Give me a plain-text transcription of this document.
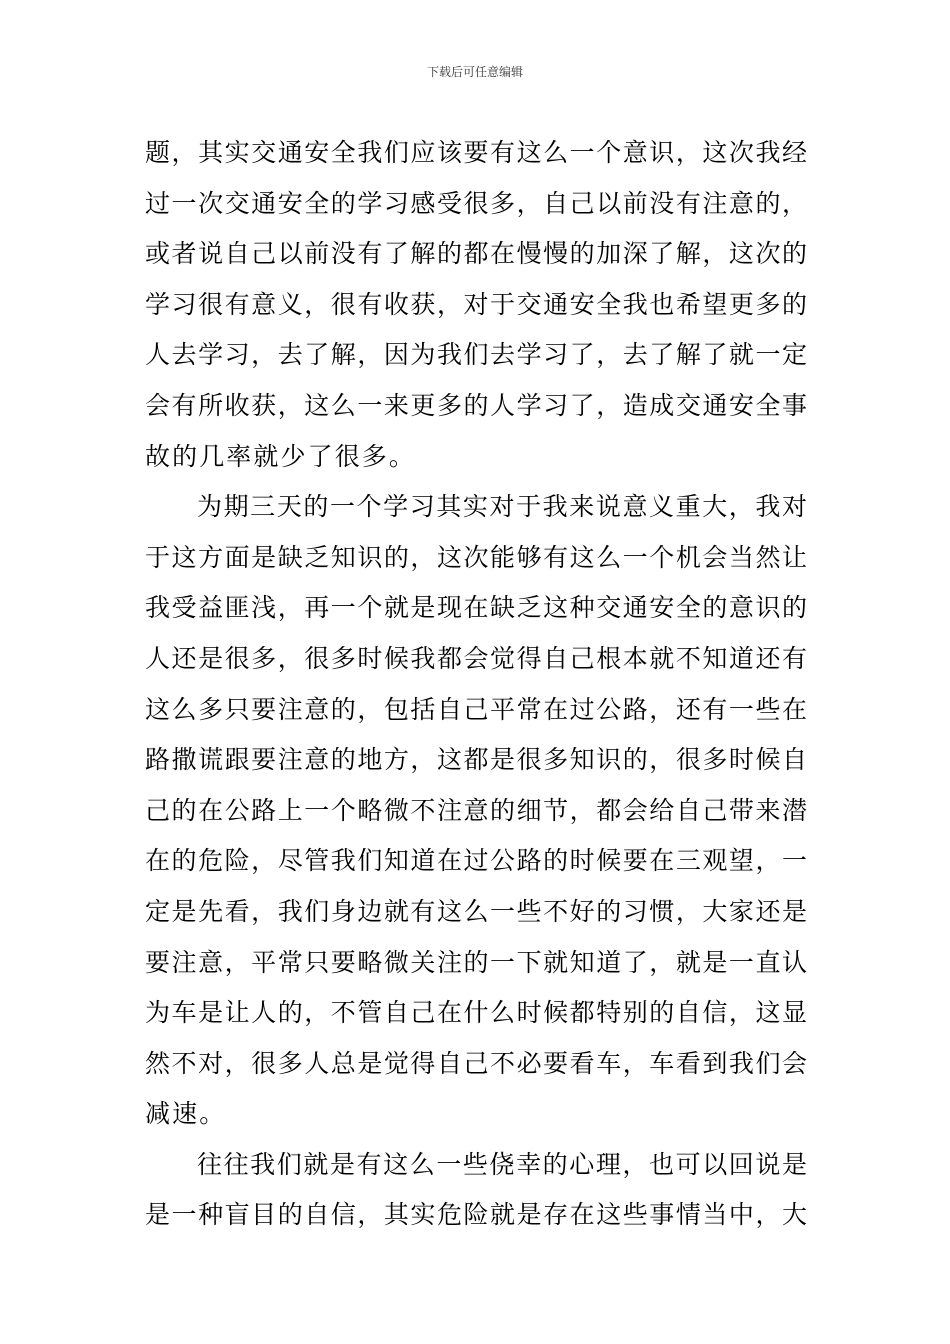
下载后可任意编辑
题，其实交通安全我们应该要有这么一个意识，这次我经
过一次交通安全的学习感受很多，自己以前没有注意的，
或者说自己以前没有了解的都在慢慢的加深了解，这次的
学习很有意义，很有收获，对于交通安全我也希望更多的
人去学习，去了解，因为我们去学习了，去了解了就一定
会有所收获，这么一来更多的人学习了，造成交通安全事
故的几率就少了很多。
为期三天的一个学习其实对于我来说意义重大，我对
于这方面是缺乏知识的，这次能够有这么一个机会当然让
我受益匪浅，再一个就是现在缺乏这种交通安全的意识的
人还是很多，很多时候我都会觉得自己根本就不知道还有
这么多只要注意的，包括自己平常在过公路，还有一些在
路撒谎跟要注意的地方，这都是很多知识的，很多时候自
己的在公路上一个略微不注意的细节，都会给自己带来潜
在的危险，尽管我们知道在过公路的时候要在三观望，一
定是先看，我们身边就有这么一些不好的习惯，大家还是
要注意，平常只要略微关注的一下就知道了，就是一直认
为车是让人的，不管自己在什么时候都特别的自信，这显
然不对，很多人总是觉得自己不必要看车，车看到我们会
减速。
往往我们就是有这么一些侥幸的心理，也可以回说是
是一种盲目的自信，其实危险就是存在这些事情当中，大
